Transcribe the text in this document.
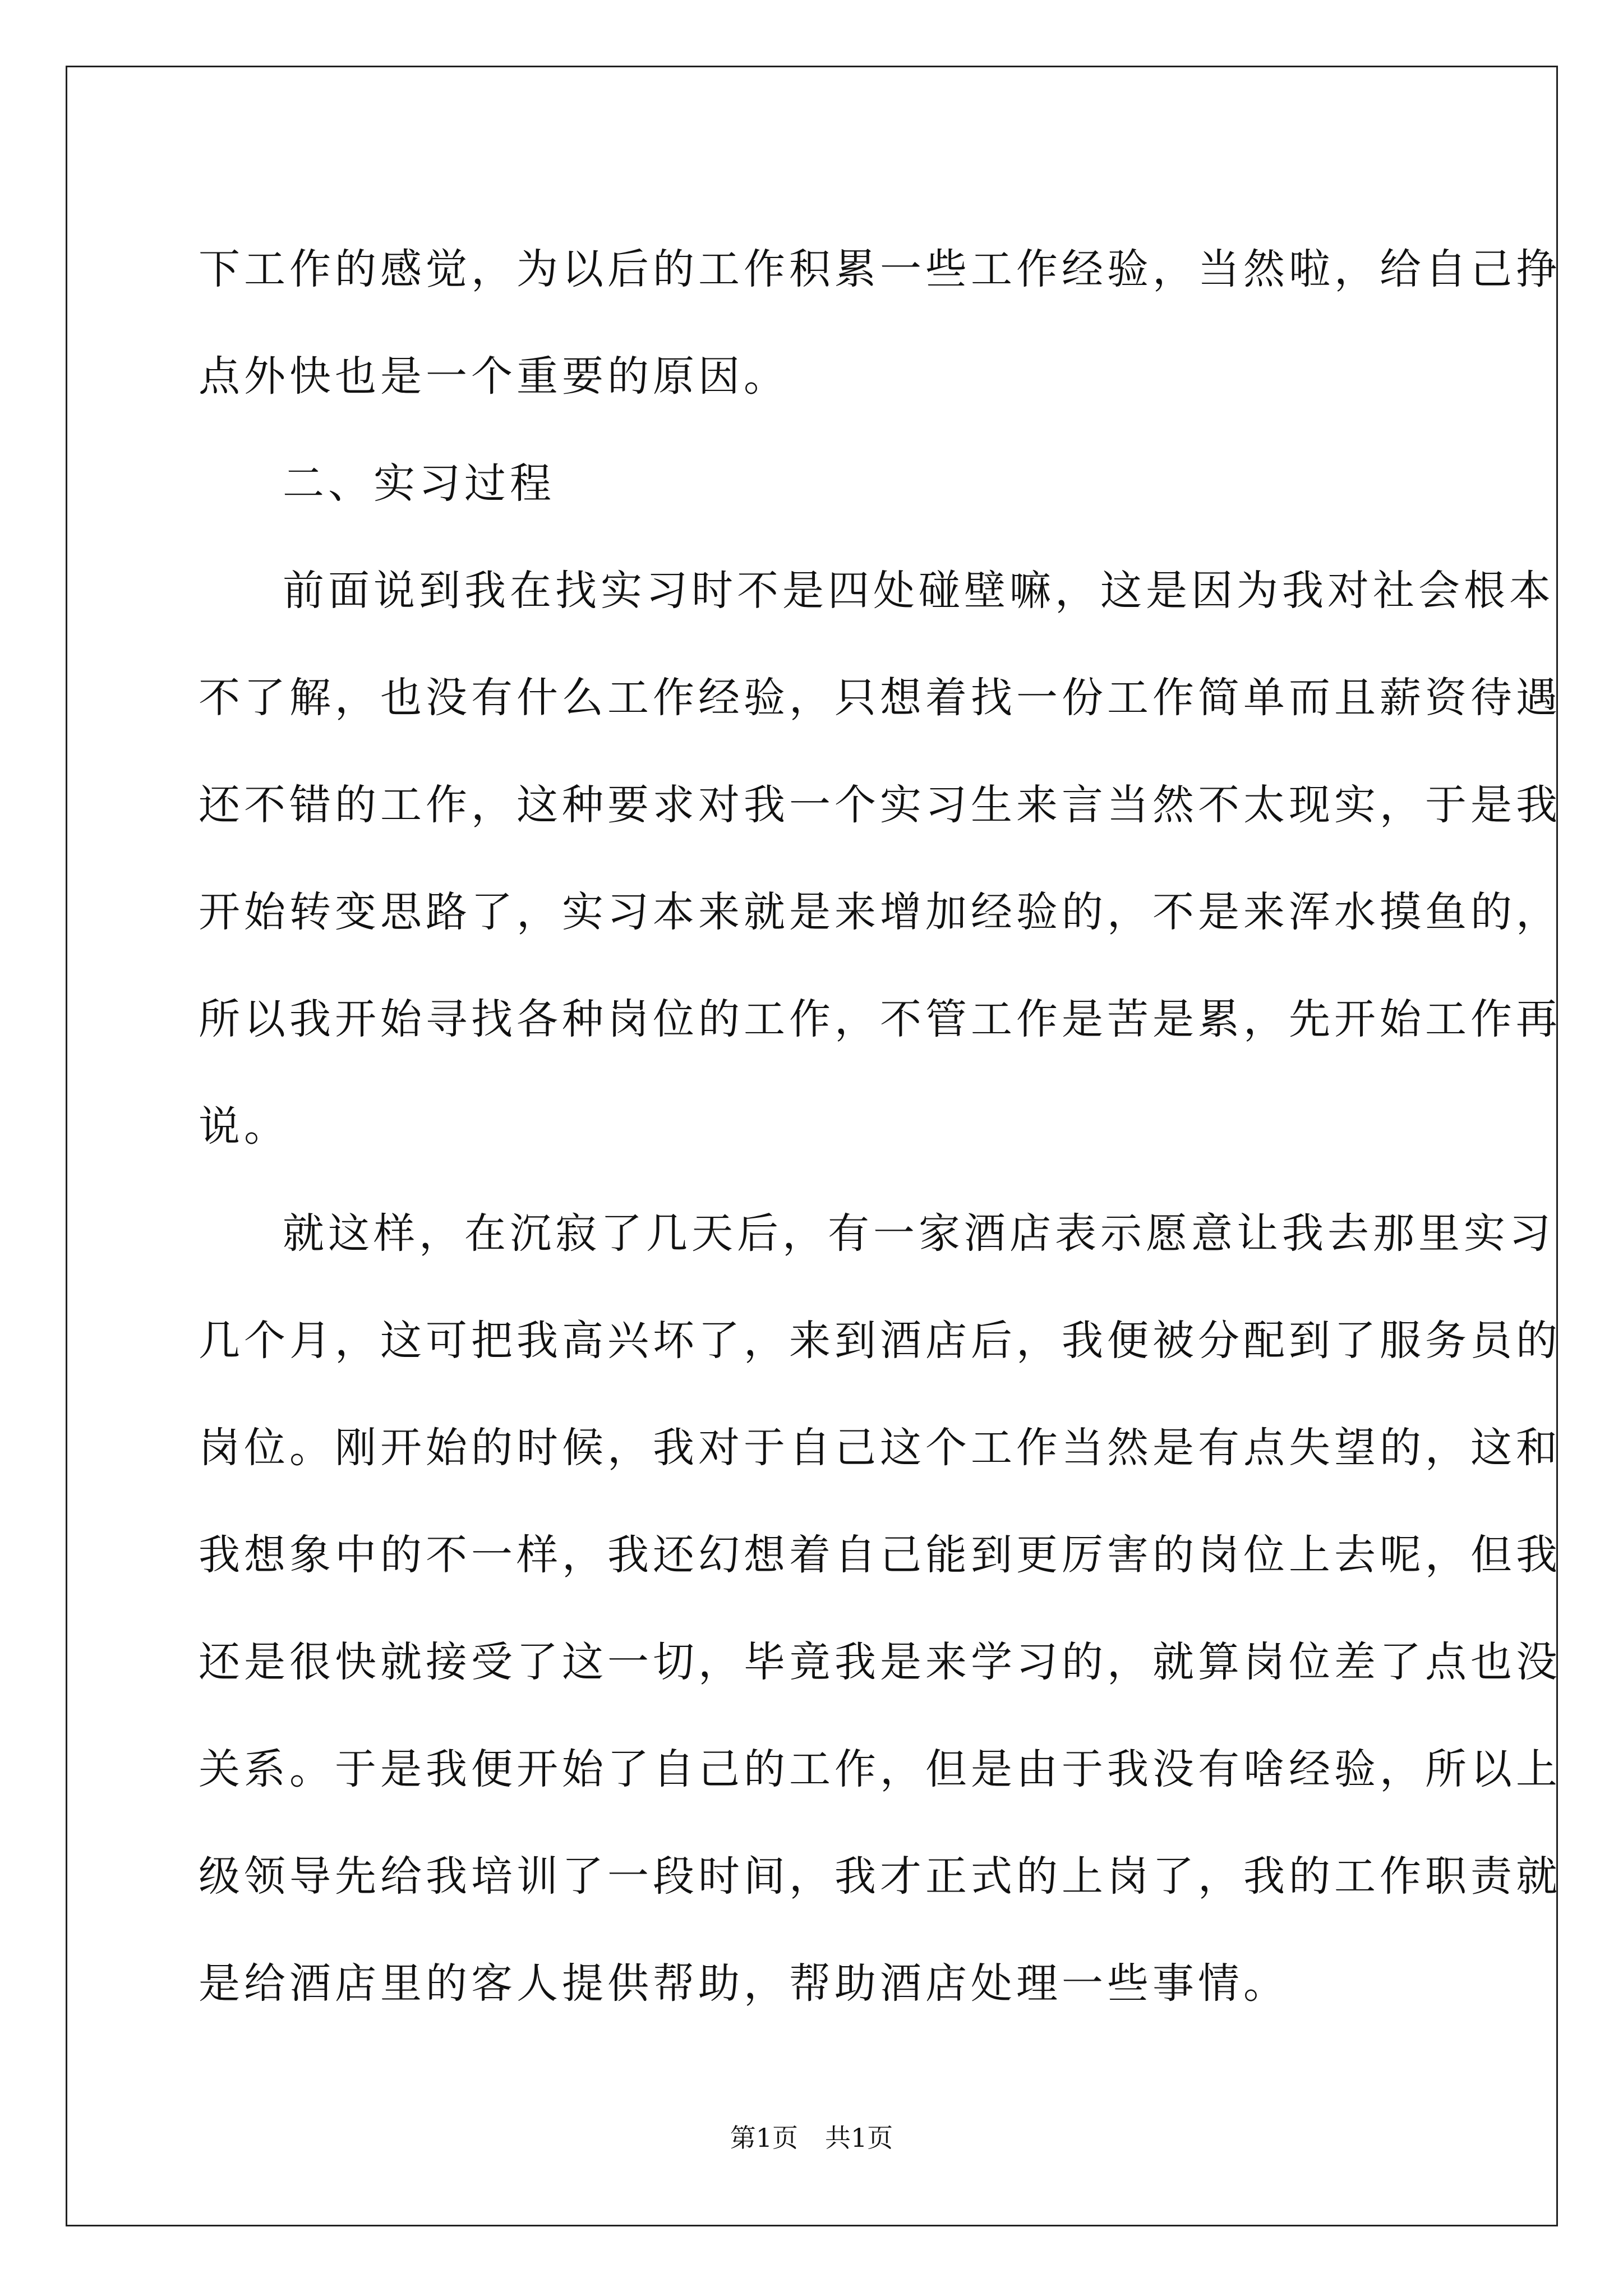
下工作的感觉，为以后的工作积累一些工作经验，当然啦，给自己挣
点外快也是一个重要的原因。
二、实习过程
前面说到我在找实习时不是四处碰壁嘛，这是因为我对社会根本
不了解，也没有什么工作经验，只想着找一份工作简单而且薪资待遇
还不错的工作，这种要求对我一个实习生来言当然不太现实，于是我
开始转变思路了，实习本来就是来增加经验的，不是来浑水摸鱼的，
所以我开始寻找各种岗位的工作，不管工作是苦是累，先开始工作再
说。
就这样，在沉寂了几天后，有一家酒店表示愿意让我去那里实习
几个月，这可把我高兴坏了，来到酒店后，我便被分配到了服务员的
岗位。刚开始的时候，我对于自己这个工作当然是有点失望的，这和
我想象中的不一样，我还幻想着自己能到更厉害的岗位上去呢，但我
还是很快就接受了这一切，毕竟我是来学习的，就算岗位差了点也没
关系。于是我便开始了自己的工作，但是由于我没有啥经验，所以上
级领导先给我培训了一段时间，我才正式的上岗了，我的工作职责就
是给酒店里的客人提供帮助，帮助酒店处理一些事情。
第1页 共1页
